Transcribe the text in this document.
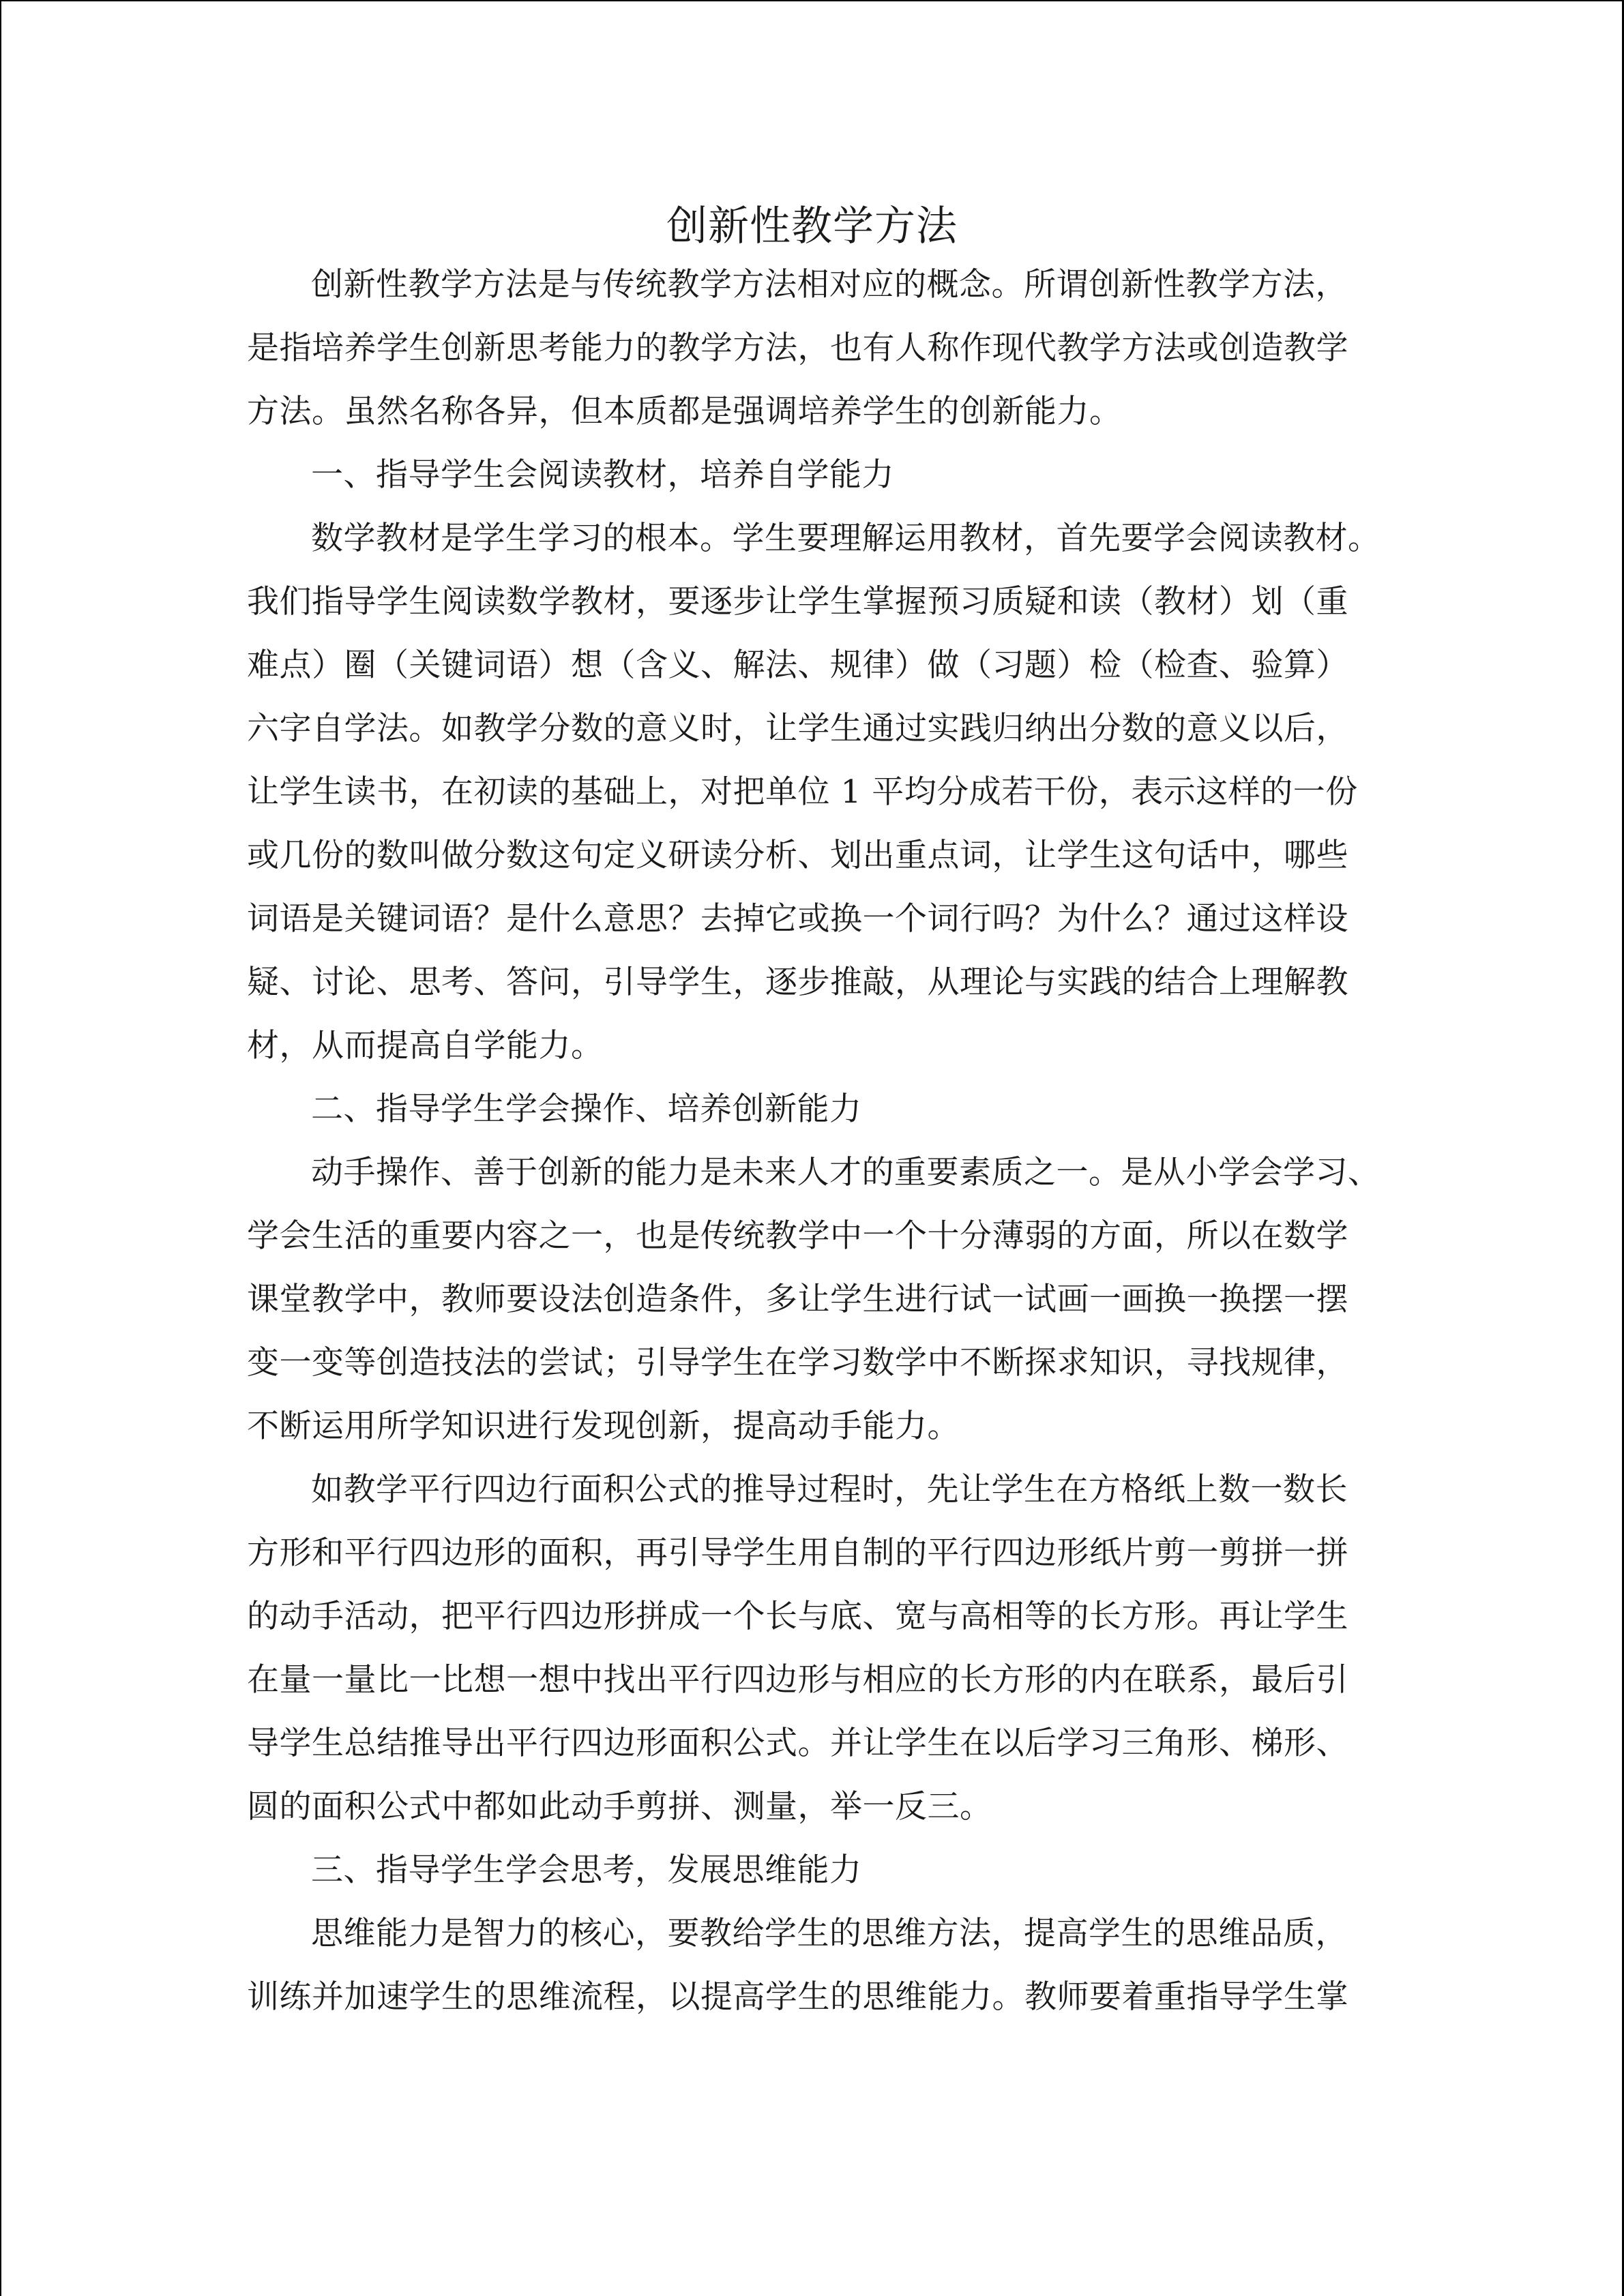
创新性教学方法
创新性教学方法是与传统教学方法相对应的概念。所谓创新性教学方法，
是指培养学生创新思考能力的教学方法，也有人称作现代教学方法或创造教学
方法。虽然名称各异，但本质都是强调培养学生的创新能力。
一、指导学生会阅读教材，培养自学能力
数学教材是学生学习的根本。学生要理解运用教材，首先要学会阅读教材。
我们指导学生阅读数学教材，要逐步让学生掌握预习质疑和读（教材）划（重
难点）圈（关键词语）想（含义、解法、规律）做（习题）检（检查、验算）
六字自学法。如教学分数的意义时，让学生通过实践归纳出分数的意义以后，
让学生读书，在初读的基础上，对把单位 1 平均分成若干份，表示这样的一份
或几份的数叫做分数这句定义研读分析、划出重点词，让学生这句话中，哪些
词语是关键词语？是什么意思？去掉它或换一个词行吗？为什么？通过这样设
疑、讨论、思考、答问，引导学生，逐步推敲，从理论与实践的结合上理解教
材，从而提高自学能力。
二、指导学生学会操作、培养创新能力
动手操作、善于创新的能力是未来人才的重要素质之一。是从小学会学习、
学会生活的重要内容之一，也是传统教学中一个十分薄弱的方面，所以在数学
课堂教学中，教师要设法创造条件，多让学生进行试一试画一画换一换摆一摆
变一变等创造技法的尝试；引导学生在学习数学中不断探求知识，寻找规律，
不断运用所学知识进行发现创新，提高动手能力。
如教学平行四边行面积公式的推导过程时，先让学生在方格纸上数一数长
方形和平行四边形的面积，再引导学生用自制的平行四边形纸片剪一剪拼一拼
的动手活动，把平行四边形拼成一个长与底、宽与高相等的长方形。再让学生
在量一量比一比想一想中找出平行四边形与相应的长方形的内在联系，最后引
导学生总结推导出平行四边形面积公式。并让学生在以后学习三角形、梯形、
圆的面积公式中都如此动手剪拼、测量，举一反三。
三、指导学生学会思考，发展思维能力
思维能力是智力的核心，要教给学生的思维方法，提高学生的思维品质，
训练并加速学生的思维流程，以提高学生的思维能力。教师要着重指导学生掌
